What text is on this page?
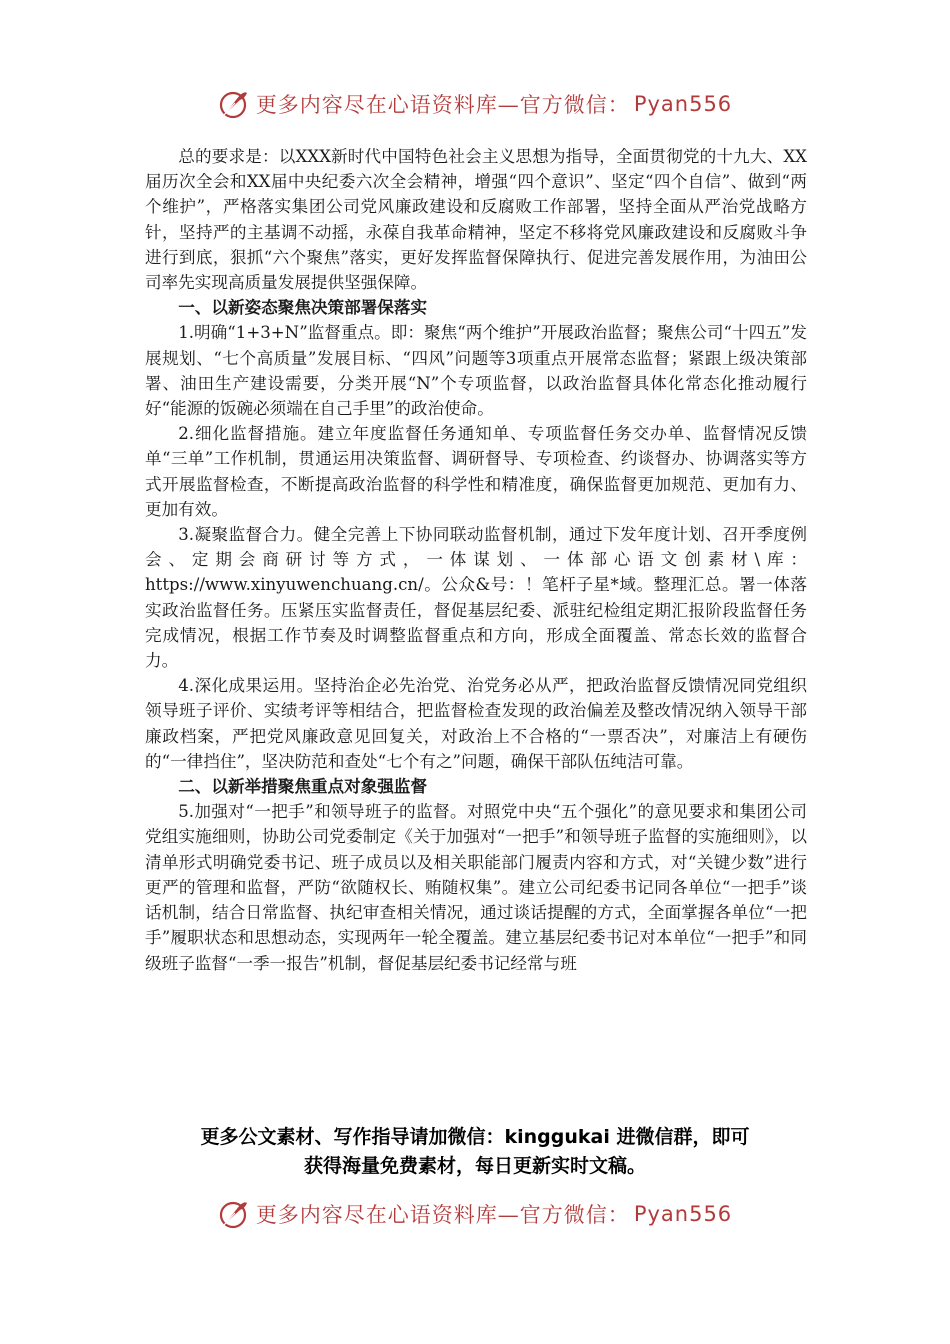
更多内容尽在心语资料库—官方微信： Pyan556

总的要求是：以XXX新时代中国特色社会主义思想为指导，全面贯彻党的十九大、XX届历次全会和XX届中央纪委六次全会精神，增强“四个意识”、坚定“四个自信”、做到“两个维护”，严格落实集团公司党风廉政建设和反腐败工作部署，坚持全面从严治党战略方针，坚持严的主基调不动摇，永葆自我革命精神，坚定不移将党风廉政建设和反腐败斗争进行到底，狠抓“六个聚焦”落实，更好发挥监督保障执行、促进完善发展作用，为油田公司率先实现高质量发展提供坚强保障。

一、以新姿态聚焦决策部署保落实

1.明确“1+3+N”监督重点。即：聚焦“两个维护”开展政治监督；聚焦公司“十四五”发展规划、“七个高质量”发展目标、“四风”问题等3项重点开展常态监督；紧跟上级决策部署、油田生产建设需要，分类开展“N”个专项监督，以政治监督具体化常态化推动履行好“能源的饭碗必须端在自己手里”的政治使命。

2.细化监督措施。建立年度监督任务通知单、专项监督任务交办单、监督情况反馈单“三单”工作机制，贯通运用决策监督、调研督导、专项检查、约谈督办、协调落实等方式开展监督检查，不断提高政治监督的科学性和精准度，确保监督更加规范、更加有力、更加有效。

3.凝聚监督合力。健全完善上下协同联动监督机制，通过下发年度计划、召开季度例会、定期会商研讨等方式，一体谋划、一体部心语文创素材\库：https://www.xinyuwenchuang.cn/。公众&号：！笔杆子星*域。整理汇总。署一体落实政治监督任务。压紧压实监督责任，督促基层纪委、派驻纪检组定期汇报阶段监督任务完成情况，根据工作节奏及时调整监督重点和方向，形成全面覆盖、常态长效的监督合力。

4.深化成果运用。坚持治企必先治党、治党务必从严，把政治监督反馈情况同党组织领导班子评价、实绩考评等相结合，把监督检查发现的政治偏差及整改情况纳入领导干部廉政档案，严把党风廉政意见回复关，对政治上不合格的“一票否决”，对廉洁上有硬伤的“一律挡住”，坚决防范和查处“七个有之”问题，确保干部队伍纯洁可靠。

二、以新举措聚焦重点对象强监督

5.加强对“一把手”和领导班子的监督。对照党中央“五个强化”的意见要求和集团公司党组实施细则，协助公司党委制定《关于加强对“一把手”和领导班子监督的实施细则》，以清单形式明确党委书记、班子成员以及相关职能部门履责内容和方式，对“关键少数”进行更严的管理和监督，严防“欲随权长、贿随权集”。建立公司纪委书记同各单位“一把手”谈话机制，结合日常监督、执纪审查相关情况，通过谈话提醒的方式，全面掌握各单位“一把手”履职状态和思想动态，实现两年一轮全覆盖。建立基层纪委书记对本单位“一把手”和同级班子监督“一季一报告”机制，督促基层纪委书记经常与班

更多公文素材、写作指导请加微信：kinggukai 进微信群，即可
获得海量免费素材，每日更新实时文稿。
更多内容尽在心语资料库—官方微信： Pyan556
